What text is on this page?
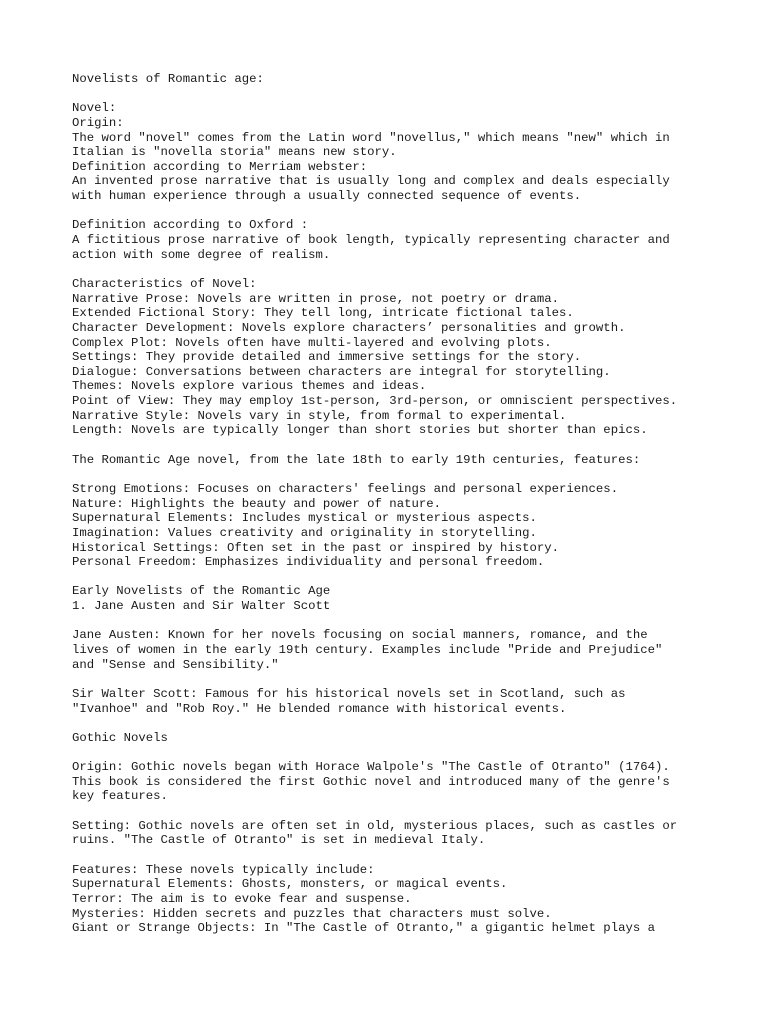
Novelists of Romantic age:
Novel:
Origin:
The word "novel" comes from the Latin word "novellus," which means "new" which in
Italian is "novella storia" means new story.
Definition according to Merriam webster:
An invented prose narrative that is usually long and complex and deals especially
with human experience through a usually connected sequence of events.
Definition according to Oxford :
A fictitious prose narrative of book length, typically representing character and
action with some degree of realism.
Characteristics of Novel:
Narrative Prose: Novels are written in prose, not poetry or drama.
Extended Fictional Story: They tell long, intricate fictional tales.
Character Development: Novels explore characters’ personalities and growth.
Complex Plot: Novels often have multi-layered and evolving plots.
Settings: They provide detailed and immersive settings for the story.
Dialogue: Conversations between characters are integral for storytelling.
Themes: Novels explore various themes and ideas.
Point of View: They may employ 1st-person, 3rd-person, or omniscient perspectives.
Narrative Style: Novels vary in style, from formal to experimental.
Length: Novels are typically longer than short stories but shorter than epics.
The Romantic Age novel, from the late 18th to early 19th centuries, features:
Strong Emotions: Focuses on characters' feelings and personal experiences.
Nature: Highlights the beauty and power of nature.
Supernatural Elements: Includes mystical or mysterious aspects.
Imagination: Values creativity and originality in storytelling.
Historical Settings: Often set in the past or inspired by history.
Personal Freedom: Emphasizes individuality and personal freedom.
Early Novelists of the Romantic Age
1. Jane Austen and Sir Walter Scott
Jane Austen: Known for her novels focusing on social manners, romance, and the
lives of women in the early 19th century. Examples include "Pride and Prejudice"
and "Sense and Sensibility."
Sir Walter Scott: Famous for his historical novels set in Scotland, such as
"Ivanhoe" and "Rob Roy." He blended romance with historical events.
Gothic Novels
Origin: Gothic novels began with Horace Walpole's "The Castle of Otranto" (1764).
This book is considered the first Gothic novel and introduced many of the genre's
key features.
Setting: Gothic novels are often set in old, mysterious places, such as castles or
ruins. "The Castle of Otranto" is set in medieval Italy.
Features: These novels typically include:
Supernatural Elements: Ghosts, monsters, or magical events.
Terror: The aim is to evoke fear and suspense.
Mysteries: Hidden secrets and puzzles that characters must solve.
Giant or Strange Objects: In "The Castle of Otranto," a gigantic helmet plays a
